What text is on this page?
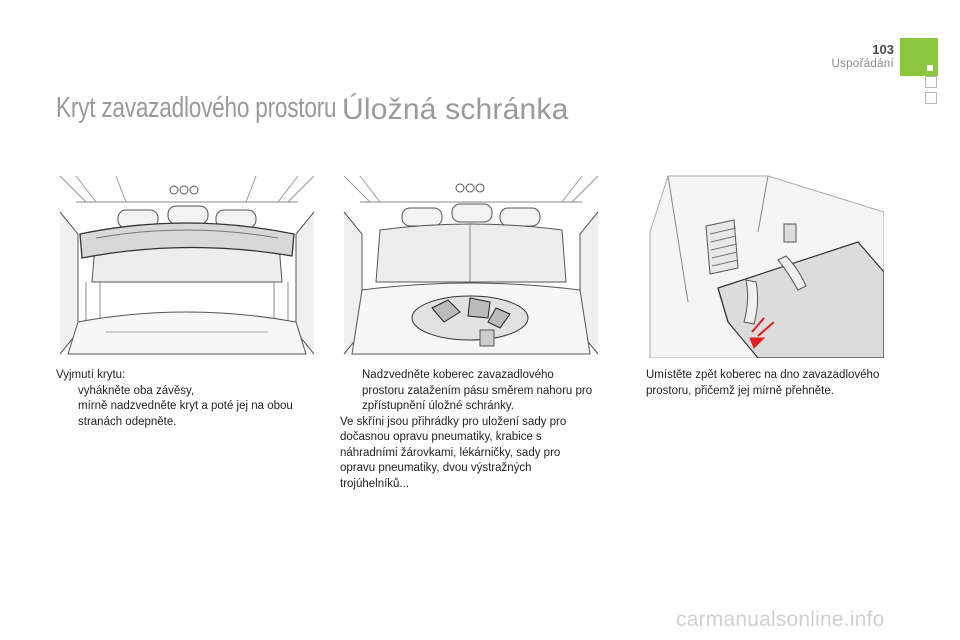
103
Uspořádání
Kryt zavazadlového prostoru Úložná schránka

Vyjmutí krytu:

vyhákněte oba závěsy,

mírně nadzvedněte kryt a poté jej na obou stranách odepněte.

Nadzvedněte koberec zavazadlového prostoru zatažením pásu směrem nahoru pro zpřístupnění úložné schránky.

Ve skříni jsou přihrádky pro uložení sady pro dočasnou opravu pneumatiky, krabice s náhradními žárovkami, lékárničky, sady pro opravu pneumatiky, dvou výstražných trojúhelníků...

Umístěte zpět koberec na dno zavazadlového prostoru, přičemž jej mírně přehněte.

carmanualsonline.info
